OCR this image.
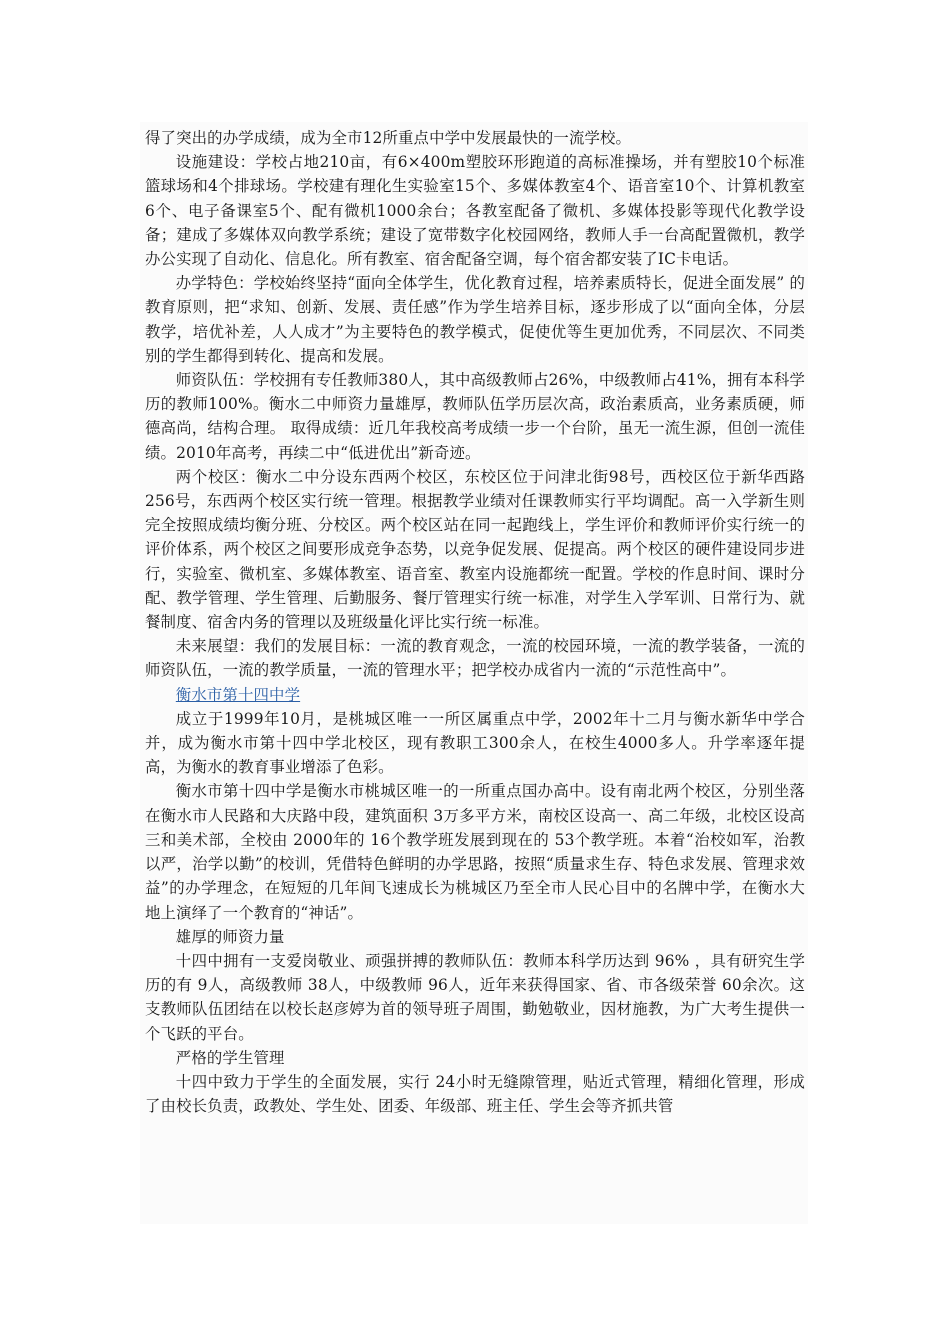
得了突出的办学成绩，成为全市12所重点中学中发展最快的一流学校。

设施建设：学校占地210亩，有6×400m塑胶环形跑道的高标准操场，并有塑胶10个标准篮球场和4个排球场。学校建有理化生实验室15个、多媒体教室4个、语音室10个、计算机教室6个、电子备课室5个、配有微机1000余台；各教室配备了微机、多媒体投影等现代化教学设备；建成了多媒体双向教学系统；建设了宽带数字化校园网络，教师人手一台高配置微机，教学办公实现了自动化、信息化。所有教室、宿舍配备空调，每个宿舍都安装了IC卡电话。

办学特色：学校始终坚持“面向全体学生，优化教育过程，培养素质特长，促进全面发展” 的教育原则，把“求知、创新、发展、责任感”作为学生培养目标，逐步形成了以“面向全体，分层教学，培优补差，人人成才”为主要特色的教学模式，促使优等生更加优秀，不同层次、不同类别的学生都得到转化、提高和发展。

师资队伍：学校拥有专任教师380人，其中高级教师占26%，中级教师占41%，拥有本科学历的教师100%。衡水二中师资力量雄厚，教师队伍学历层次高，政治素质高，业务素质硬，师德高尚，结构合理。 取得成绩：近几年我校高考成绩一步一个台阶，虽无一流生源，但创一流佳绩。2010年高考，再续二中“低进优出”新奇迹。

两个校区：衡水二中分设东西两个校区，东校区位于问津北街98号，西校区位于新华西路256号，东西两个校区实行统一管理。根据教学业绩对任课教师实行平均调配。高一入学新生则完全按照成绩均衡分班、分校区。两个校区站在同一起跑线上，学生评价和教师评价实行统一的评价体系，两个校区之间要形成竞争态势，以竞争促发展、促提高。两个校区的硬件建设同步进行，实验室、微机室、多媒体教室、语音室、教室内设施都统一配置。学校的作息时间、课时分配、教学管理、学生管理、后勤服务、餐厅管理实行统一标准，对学生入学军训、日常行为、就餐制度、宿舍内务的管理以及班级量化评比实行统一标准。

未来展望：我们的发展目标：一流的教育观念，一流的校园环境，一流的教学装备，一流的师资队伍，一流的教学质量，一流的管理水平；把学校办成省内一流的“示范性高中”。

衡水市第十四中学

成立于1999年10月，是桃城区唯一一所区属重点中学，2002年十二月与衡水新华中学合并，成为衡水市第十四中学北校区，现有教职工300余人，在校生4000多人。升学率逐年提高，为衡水的教育事业增添了色彩。

衡水市第十四中学是衡水市桃城区唯一的一所重点国办高中。设有南北两个校区，分别坐落在衡水市人民路和大庆路中段，建筑面积 3万多平方米，南校区设高一、高二年级，北校区设高三和美术部，全校由 2000年的 16个教学班发展到现在的 53个教学班。本着“治校如军，治教以严，治学以勤”的校训，凭借特色鲜明的办学思路，按照“质量求生存、特色求发展、管理求效益”的办学理念，在短短的几年间飞速成长为桃城区乃至全市人民心目中的名牌中学，在衡水大地上演绎了一个教育的“神话”。

雄厚的师资力量

十四中拥有一支爱岗敬业、顽强拼搏的教师队伍：教师本科学历达到 96% ，具有研究生学历的有 9人，高级教师 38人，中级教师 96人，近年来获得国家、省、市各级荣誉 60余次。这支教师队伍团结在以校长赵彦婷为首的领导班子周围，勤勉敬业，因材施教，为广大考生提供一个飞跃的平台。

严格的学生管理

十四中致力于学生的全面发展，实行 24小时无缝隙管理，贴近式管理，精细化管理，形成了由校长负责，政教处、学生处、团委、年级部、班主任、学生会等齐抓共管
